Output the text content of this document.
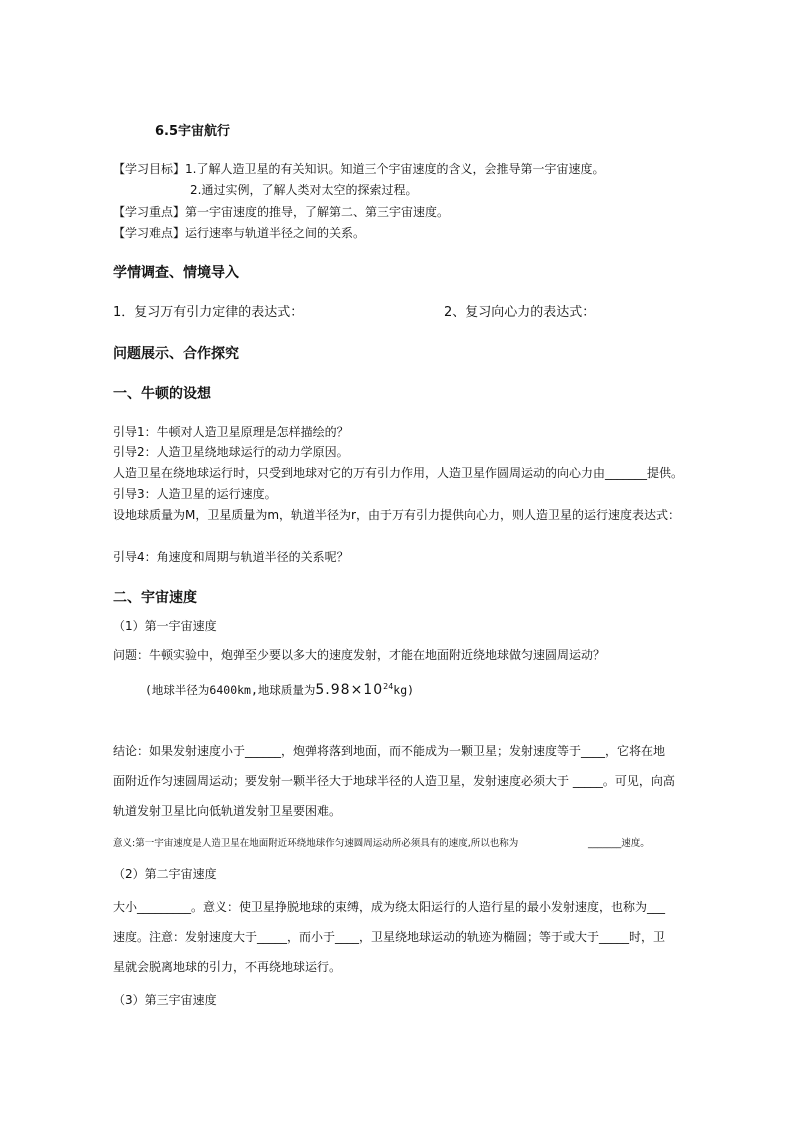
6.5宇宙航行
【学习目标】1.了解人造卫星的有关知识。知道三个宇宙速度的含义，会推导第一宇宙速度。
2.通过实例，了解人类对太空的探索过程。
【学习重点】第一宇宙速度的推导，了解第二、第三宇宙速度。
【学习难点】运行速率与轨道半径之间的关系。
学情调查、情境导入
1．复习万有引力定律的表达式：	2、复习向心力的表达式：
问题展示、合作探究
一、牛顿的设想
引导1：牛顿对人造卫星原理是怎样描绘的？
引导2：人造卫星绕地球运行的动力学原因。
人造卫星在绕地球运行时，只受到地球对它的万有引力作用，人造卫星作圆周运动的向心力由_______提供。
引导3：人造卫星的运行速度。
设地球质量为M，卫星质量为m，轨道半径为r，由于万有引力提供向心力，则人造卫星的运行速度表达式：
引导4：角速度和周期与轨道半径的关系呢？
二、宇宙速度
（1）第一宇宙速度
问题：牛顿实验中，炮弹至少要以多大的速度发射，才能在地面附近绕地球做匀速圆周运动？
(地球半径为6400km,地球质量为$5.98\times 10^{24}kg$)
结论：如果发射速度小于______，炮弹将落到地面，而不能成为一颗卫星；发射速度等于____，它将在地
面附近作匀速圆周运动；要发射一颗半径大于地球半径的人造卫星，发射速度必须大于 _____。可见，向高
轨道发射卫星比向低轨道发射卫星要困难。
意义:第一宇宙速度是人造卫星在地面附近环绕地球作匀速圆周运动所必须具有的速度,所以也称为	_______速度。
（2）第二宇宙速度
大小_________。意义：使卫星挣脱地球的束缚，成为绕太阳运行的人造行星的最小发射速度，也称为___
速度。注意：发射速度大于_____，而小于____，卫星绕地球运动的轨迹为椭圆；等于或大于_____时，卫
星就会脱离地球的引力，不再绕地球运行。
（3）第三宇宙速度
